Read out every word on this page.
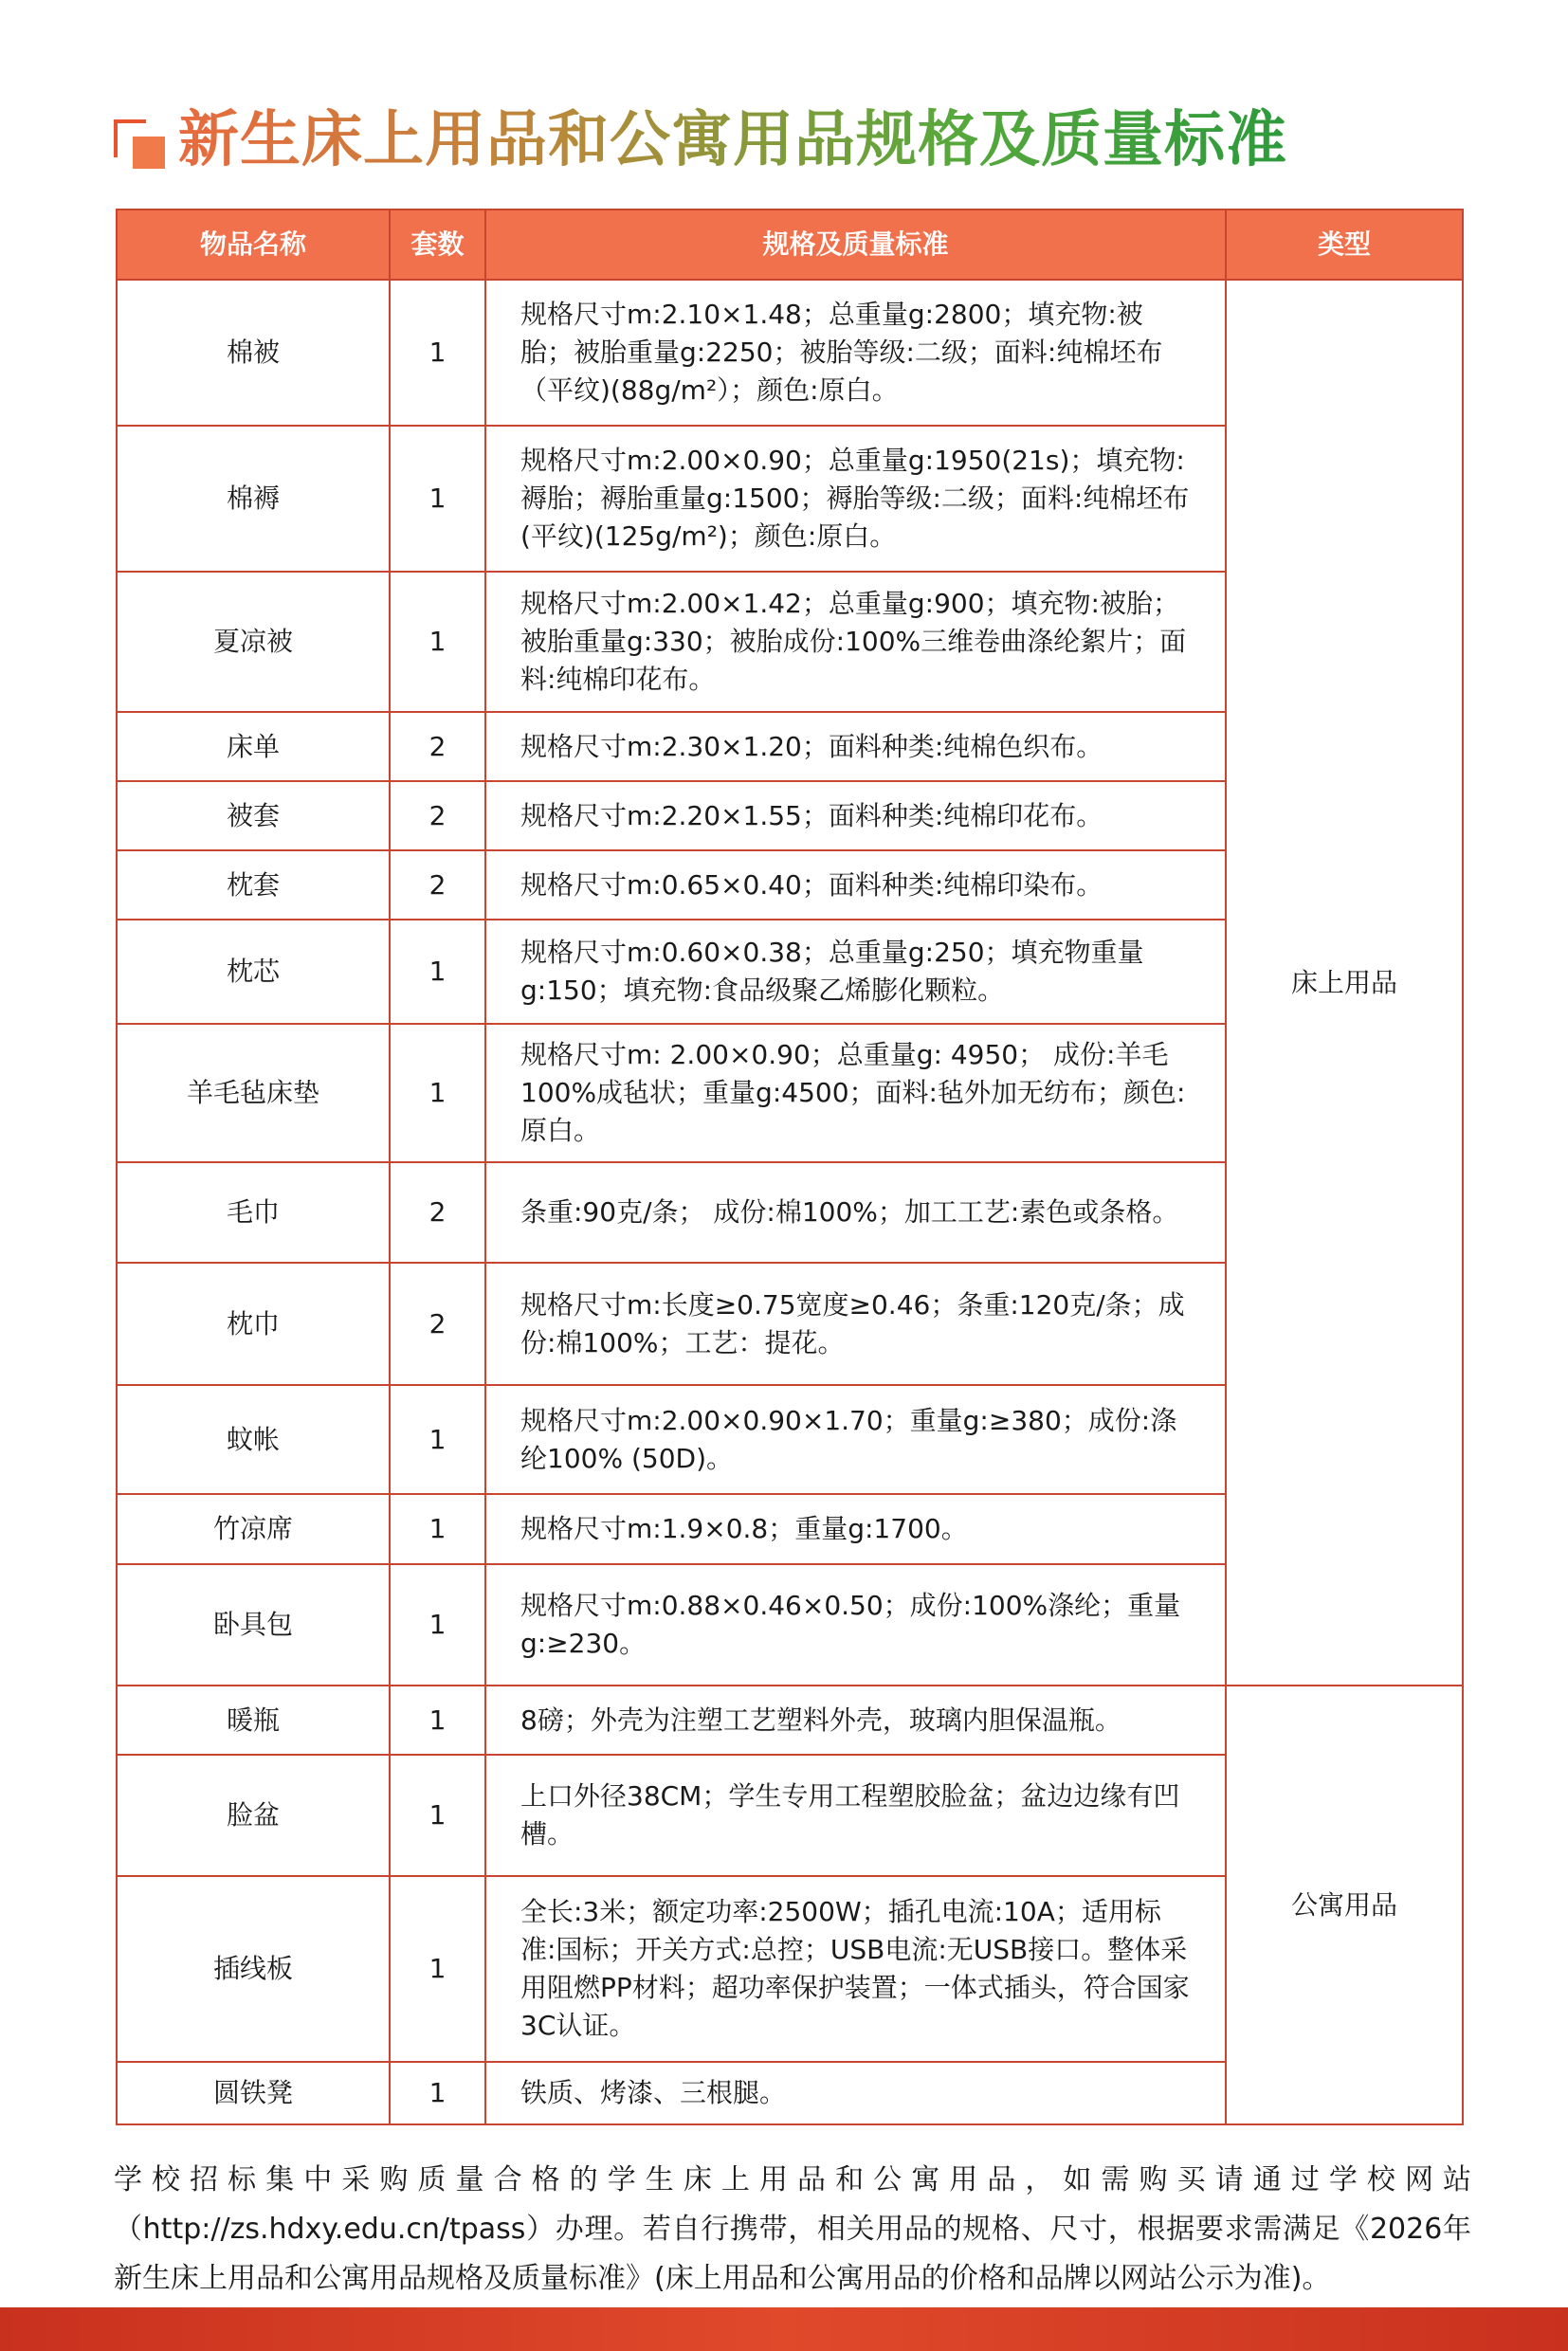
新生床上用品和公寓用品规格及质量标准
物品名称	套数	规格及质量标准	类型
棉被	1	规格尺寸m:2.10×1.48；总重量g:2800；填充物:被胎；被胎重量g:2250；被胎等级:二级；面料:纯棉坯布（平纹)(88g/m²）；颜色:原白。	床上用品
棉褥	1	规格尺寸m:2.00×0.90；总重量g:1950(21s)；填充物:褥胎；褥胎重量g:1500；褥胎等级:二级；面料:纯棉坯布(平纹)(125g/m²)；颜色:原白。	
夏凉被	1	规格尺寸m:2.00×1.42；总重量g:900；填充物:被胎；被胎重量g:330；被胎成份:100%三维卷曲涤纶絮片；面料:纯棉印花布。	
床单	2	规格尺寸m:2.30×1.20；面料种类:纯棉色织布。	
被套	2	规格尺寸m:2.20×1.55；面料种类:纯棉印花布。	
枕套	2	规格尺寸m:0.65×0.40；面料种类:纯棉印染布。	
枕芯	1	规格尺寸m:0.60×0.38；总重量g:250；填充物重量g:150；填充物:食品级聚乙烯膨化颗粒。	
羊毛毡床垫	1	规格尺寸m: 2.00×0.90；总重量g: 4950； 成份:羊毛100%成毡状；重量g:4500；面料:毡外加无纺布；颜色:原白。	
毛巾	2	条重:90克/条； 成份:棉100%；加工工艺:素色或条格。	
枕巾	2	规格尺寸m:长度≥0.75宽度≥0.46；条重:120克/条；成份:棉100%；工艺：提花。	
蚊帐	1	规格尺寸m:2.00×0.90×1.70；重量g:≥380；成份:涤纶100% (50D)。	
竹凉席	1	规格尺寸m:1.9×0.8；重量g:1700。	
卧具包	1	规格尺寸m:0.88×0.46×0.50；成份:100%涤纶；重量g:≥230。	
暖瓶	1	8磅；外壳为注塑工艺塑料外壳，玻璃内胆保温瓶。	公寓用品
脸盆	1	上口外径38CM；学生专用工程塑胶脸盆；盆边边缘有凹槽。	
插线板	1	全长:3米；额定功率:2500W；插孔电流:10A；适用标准:国标；开关方式:总控；USB电流:无USB接口。整体采用阻燃PP材料；超功率保护装置；一体式插头，符合国家3C认证。	
圆铁凳	1	铁质、烤漆、三根腿。	

学校招标集中采购质量合格的学生床上用品和公寓用品，如需购买请通过学校网站（http://zs.hdxy.edu.cn/tpass）办理。若自行携带，相关用品的规格、尺寸，根据要求需满足《2026年新生床上用品和公寓用品规格及质量标准》(床上用品和公寓用品的价格和品牌以网站公示为准)。
